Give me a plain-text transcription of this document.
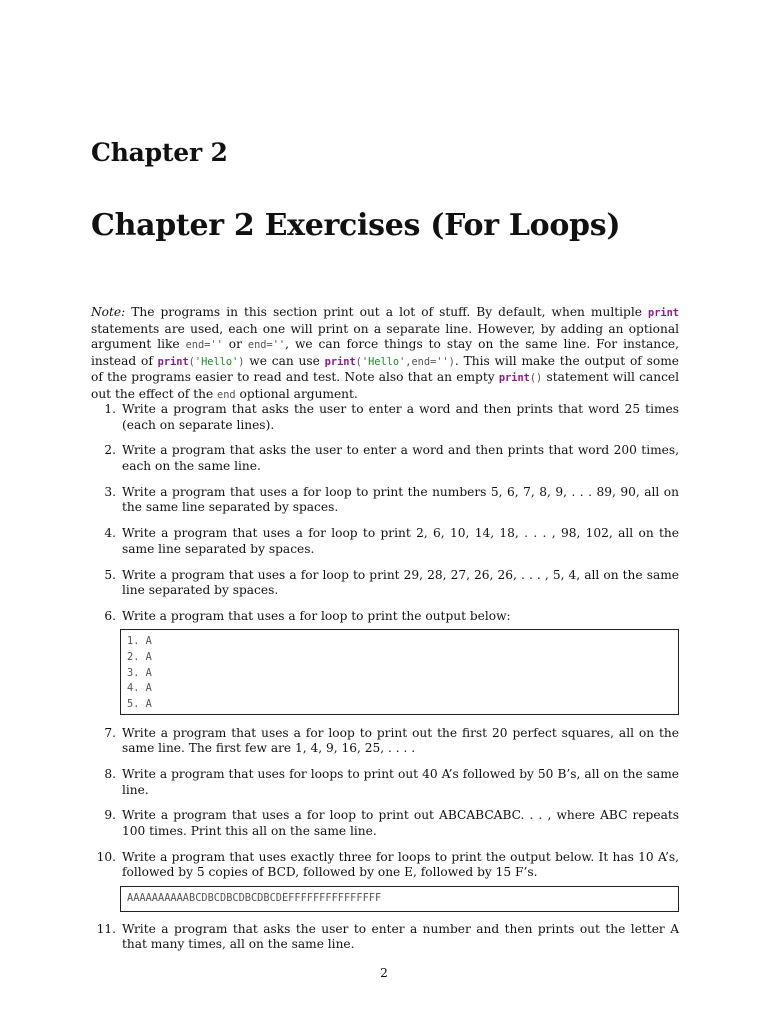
Chapter 2
Chapter 2 Exercises (For Loops)

Note: The programs in this section print out a lot of stuff. By default, when multiple print statements are used, each one will print on a separate line. However, by adding an optional argument like end='' or end='', we can force things to stay on the same line. For instance, instead of print('Hello') we can use print('Hello',end=''). This will make the output of some of the programs easier to read and test. Note also that an empty print() statement will cancel out the effect of the end optional argument.

1. Write a program that asks the user to enter a word and then prints that word 25 times (each on separate lines).
2. Write a program that asks the user to enter a word and then prints that word 200 times, each on the same line.
3. Write a program that uses a for loop to print the numbers 5, 6, 7, 8, 9, . . . 89, 90, all on the same line separated by spaces.
4. Write a program that uses a for loop to print 2, 6, 10, 14, 18, . . . , 98, 102, all on the same line separated by spaces.
5. Write a program that uses a for loop to print 29, 28, 27, 26, 26, . . . , 5, 4, all on the same line separated by spaces.
6. Write a program that uses a for loop to print the output below:
1. A
2. A
3. A
4. A
5. A
7. Write a program that uses a for loop to print out the first 20 perfect squares, all on the same line. The first few are 1, 4, 9, 16, 25, . . . .
8. Write a program that uses for loops to print out 40 A’s followed by 50 B’s, all on the same line.
9. Write a program that uses a for loop to print out ABCABCABC. . . , where ABC repeats 100 times. Print this all on the same line.
10. Write a program that uses exactly three for loops to print the output below. It has 10 A’s, followed by 5 copies of BCD, followed by one E, followed by 15 F’s.
AAAAAAAAAABCDBCDBCDBCDBCDEFFFFFFFFFFFFFFF
11. Write a program that asks the user to enter a number and then prints out the letter A that many times, all on the same line.
2
